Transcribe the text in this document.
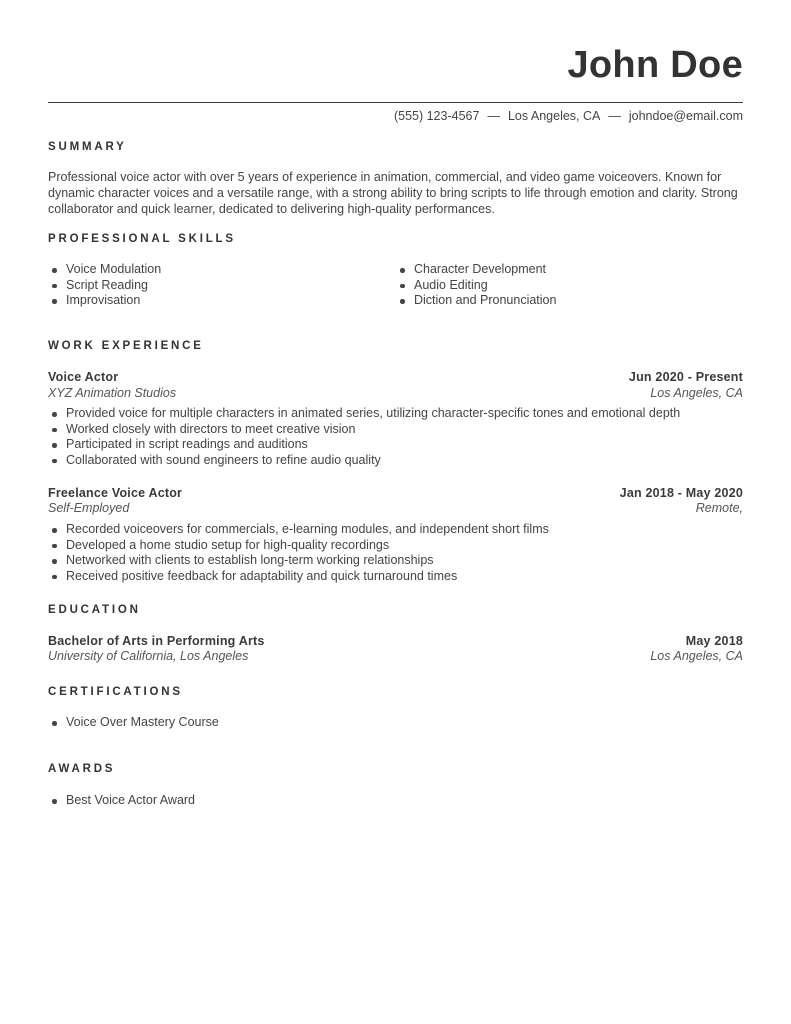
John Doe
(555) 123-4567 — Los Angeles, CA — johndoe@email.com
SUMMARY

Professional voice actor with over 5 years of experience in animation, commercial, and video game voiceovers. Known for dynamic character voices and a versatile range, with a strong ability to bring scripts to life through emotion and clarity. Strong collaborator and quick learner, dedicated to delivering high-quality performances.

PROFESSIONAL SKILLS
Voice Modulation
Script Reading
Improvisation
Character Development
Audio Editing
Diction and Pronunciation
WORK EXPERIENCE
Voice Actor	Jun 2020 - Present
XYZ Animation Studios	Los Angeles, CA
Provided voice for multiple characters in animated series, utilizing character-specific tones and emotional depth
Worked closely with directors to meet creative vision
Participated in script readings and auditions
Collaborated with sound engineers to refine audio quality
Freelance Voice Actor	Jan 2018 - May 2020
Self-Employed	Remote,
Recorded voiceovers for commercials, e-learning modules, and independent short films
Developed a home studio setup for high-quality recordings
Networked with clients to establish long-term working relationships
Received positive feedback for adaptability and quick turnaround times
EDUCATION
Bachelor of Arts in Performing Arts	May 2018
University of California, Los Angeles	Los Angeles, CA
CERTIFICATIONS
Voice Over Mastery Course
AWARDS
Best Voice Actor Award
